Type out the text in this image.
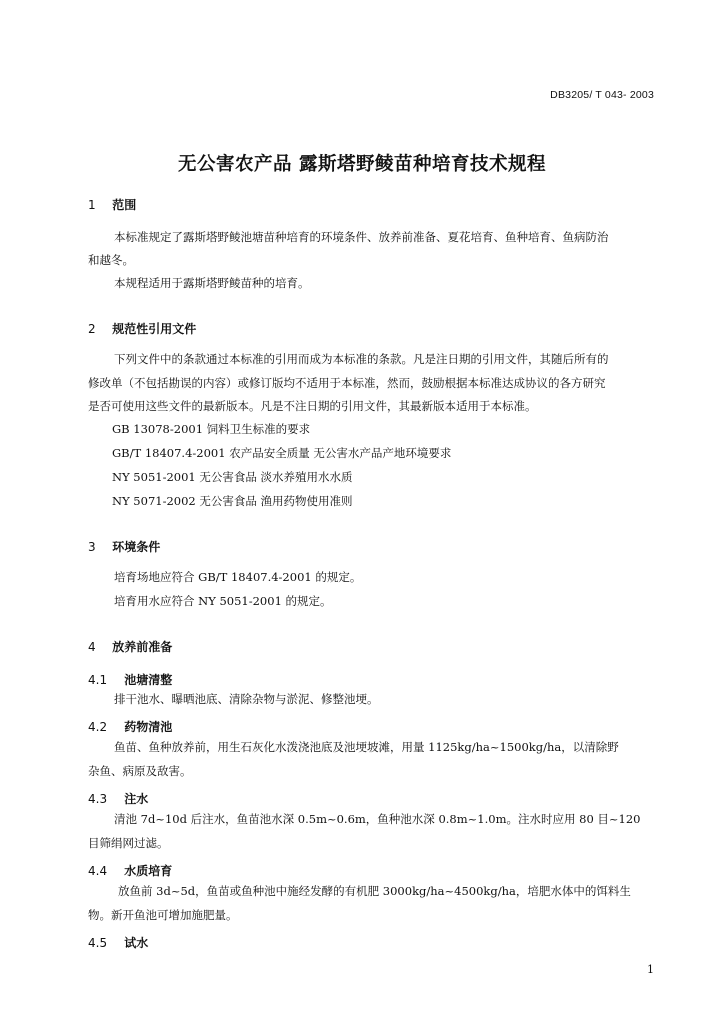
DB3205/ T 043- 2003
无公害农产品 露斯塔野鲮苗种培育技术规程
1 范围
本标准规定了露斯塔野鲮池塘苗种培育的环境条件、放养前准备、夏花培育、鱼种培育、鱼病防治
和越冬。
本规程适用于露斯塔野鲮苗种的培育。
2 规范性引用文件
下列文件中的条款通过本标准的引用而成为本标准的条款。凡是注日期的引用文件，其随后所有的
修改单（不包括勘误的内容）或修订版均不适用于本标准，然而，鼓励根据本标准达成协议的各方研究
是否可使用这些文件的最新版本。凡是不注日期的引用文件，其最新版本适用于本标准。
GB 13078-2001 饲料卫生标准的要求
GB/T 18407.4-2001 农产品安全质量 无公害水产品产地环境要求
NY 5051-2001 无公害食品 淡水养殖用水水质
NY 5071-2002 无公害食品 渔用药物使用准则
3 环境条件
培育场地应符合 GB/T 18407.4-2001 的规定。
培育用水应符合 NY 5051-2001 的规定。
4 放养前准备
4.1 池塘清整
排干池水、曝晒池底、清除杂物与淤泥、修整池埂。
4.2 药物清池
鱼苗、鱼种放养前，用生石灰化水泼浇池底及池埂坡滩，用量 1125kg/ha~1500kg/ha，以清除野
杂鱼、病原及敌害。
4.3 注水
清池 7d~10d 后注水，鱼苗池水深 0.5m~0.6m，鱼种池水深 0.8m~1.0m。注水时应用 80 目~120
目筛绢网过滤。
4.4 水质培育
放鱼前 3d~5d，鱼苗或鱼种池中施经发酵的有机肥 3000kg/ha~4500kg/ha，培肥水体中的饵料生
物。新开鱼池可增加施肥量。
4.5 试水
1
